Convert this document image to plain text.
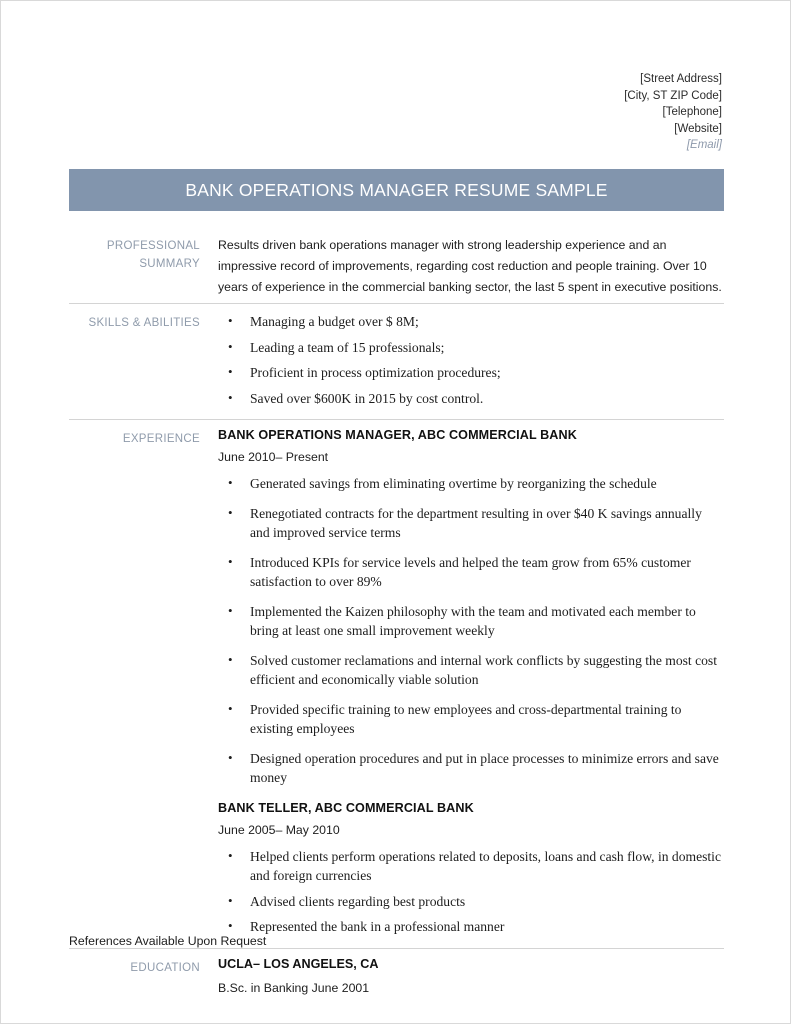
[Street Address]
[City, ST ZIP Code]
[Telephone]
[Website]
[Email]
BANK OPERATIONS MANAGER RESUME SAMPLE
PROFESSIONAL
SUMMARY
Results driven bank operations manager with strong leadership experience and an impressive record of improvements, regarding cost reduction and people training. Over 10 years of experience in the commercial banking sector, the last 5 spent in executive positions.
SKILLS & ABILITIES	• Managing a budget over $ 8M;
• Leading a team of 15 professionals;
• Proficient in process optimization procedures;
• Saved over $600K in 2015 by cost control.
EXPERIENCE	BANK OPERATIONS MANAGER, ABC COMMERCIAL BANK
June 2010– Present
• Generated savings from eliminating overtime by reorganizing the schedule
• Renegotiated contracts for the department resulting in over $40 K savings annually and improved service terms
• Introduced KPIs for service levels and helped the team grow from 65% customer satisfaction to over 89%
• Implemented the Kaizen philosophy with the team and motivated each member to bring at least one small improvement weekly
• Solved customer reclamations and internal work conflicts by suggesting the most cost efficient and economically viable solution
• Provided specific training to new employees and cross-departmental training to existing employees
• Designed operation procedures and put in place processes to minimize errors and save money
BANK TELLER, ABC COMMERCIAL BANK
June 2005– May 2010
• Helped clients perform operations related to deposits, loans and cash flow, in domestic and foreign currencies
• Advised clients regarding best products
• Represented the bank in a professional manner
EDUCATION	UCLA– LOS ANGELES, CA
B.Sc. in Banking June 2001
References Available Upon Request
